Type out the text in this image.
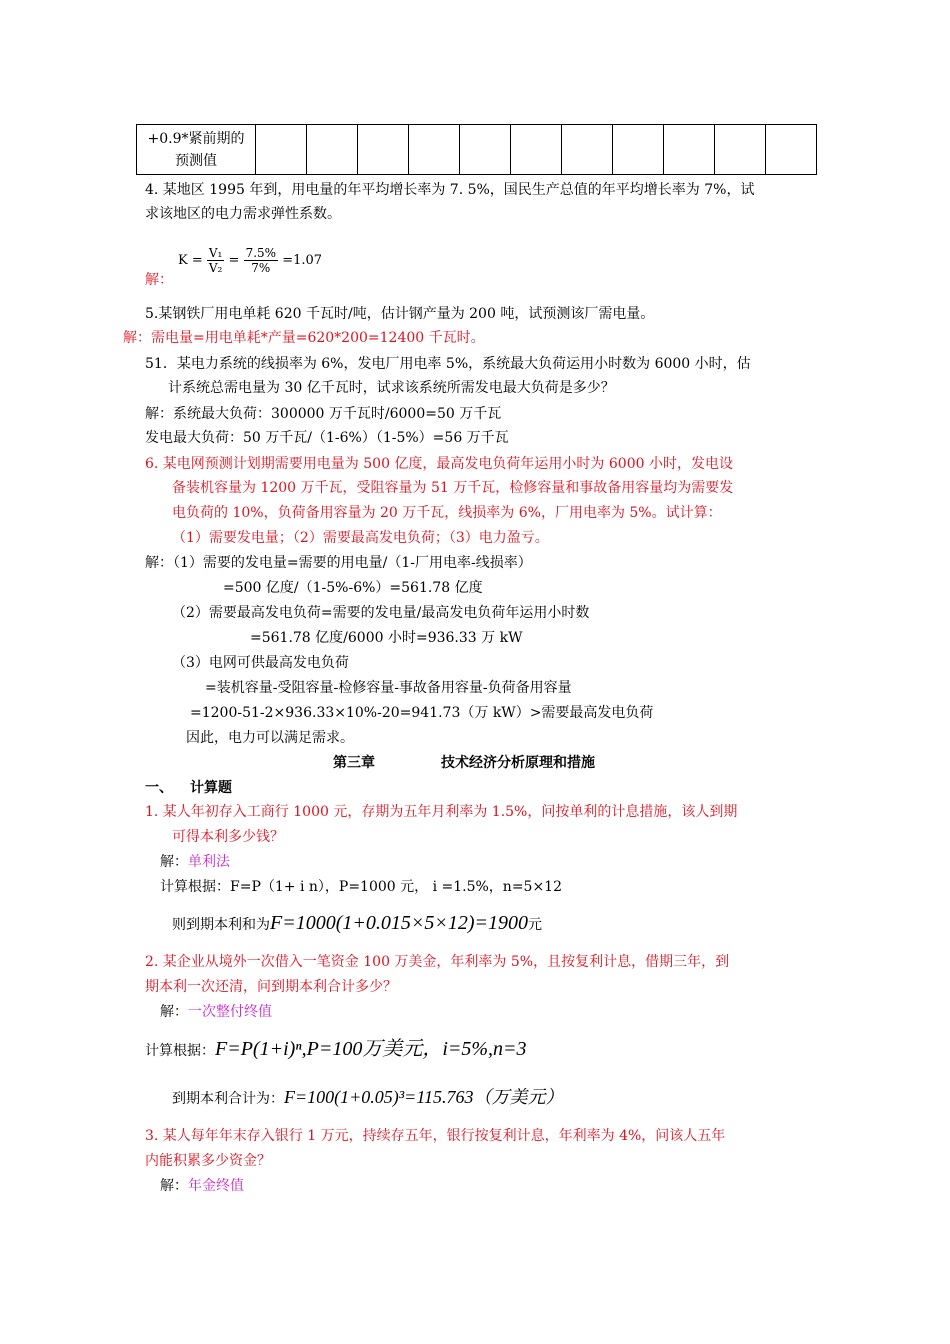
+0.9*紧前期的
预测值

4. 某地区 1995 年到，用电量的年平均增长率为 7. 5%，国民生产总值的年平均增长率为 7%，试
求该地区的电力需求弹性系数。
$K = \frac{\text{V₁}}{\text{V₂}} = \frac{7.5\%}{7\%} =1.07$
解：
5.某钢铁厂用电单耗 620 千瓦时/吨，估计钢产量为 200 吨，试预测该厂需电量。
解：需电量=用电单耗*产量=620*200=12400 千瓦时。
51．某电力系统的线损率为 6%，发电厂用电率 5%，系统最大负荷运用小时数为 6000 小时，估
计系统总需电量为 30 亿千瓦时，试求该系统所需发电最大负荷是多少？
解：系统最大负荷：300000 万千瓦时/6000=50 万千瓦
发电最大负荷：50 万千瓦/（1-6%）（1-5%）=56 万千瓦
6. 某电网预测计划期需要用电量为 500 亿度，最高发电负荷年运用小时为 6000 小时，发电设
备装机容量为 1200 万千瓦，受阻容量为 51 万千瓦，检修容量和事故备用容量均为需要发
电负荷的 10%，负荷备用容量为 20 万千瓦，线损率为 6%，厂用电率为 5%。试计算：
（1）需要发电量；（2）需要最高发电负荷；（3）电力盈亏。
解：（1）需要的发电量=需要的用电量/（1-厂用电率-线损率）
=500 亿度/（1-5%-6%）=561.78 亿度
（2）需要最高发电负荷=需要的发电量/最高发电负荷年运用小时数
=561.78 亿度/6000 小时=936.33 万 kW
（3）电网可供最高发电负荷
=装机容量-受阻容量-检修容量-事故备用容量-负荷备用容量
=1200-51-2×936.33×10%-20=941.73（万 kW）>需要最高发电负荷
因此，电力可以满足需求。
第三章	技术经济分析原理和措施
一、 计算题
1. 某人年初存入工商行 1000 元，存期为五年月利率为 1.5%，问按单利的计息措施，该人到期
可得本利多少钱？
解：单利法
计算根据：F=P（1+ i n），P=1000 元， i =1.5%，n=5×12
则到期本利和为F=1000(1+0.015×5×12)=1900元
2. 某企业从境外一次借入一笔资金 100 万美金，年利率为 5%，且按复利计息，借期三年，到
期本利一次还清，问到期本利合计多少？
解：一次整付终值
计算根据：F=P(1+i)ⁿ,P=100万美元，i=5%,n=3
到期本利合计为：F=100(1+0.05)³=115.763（万美元）
3. 某人每年年末存入银行 1 万元，持续存五年，银行按复利计息，年利率为 4%，问该人五年
内能积累多少资金？
解：年金终值
